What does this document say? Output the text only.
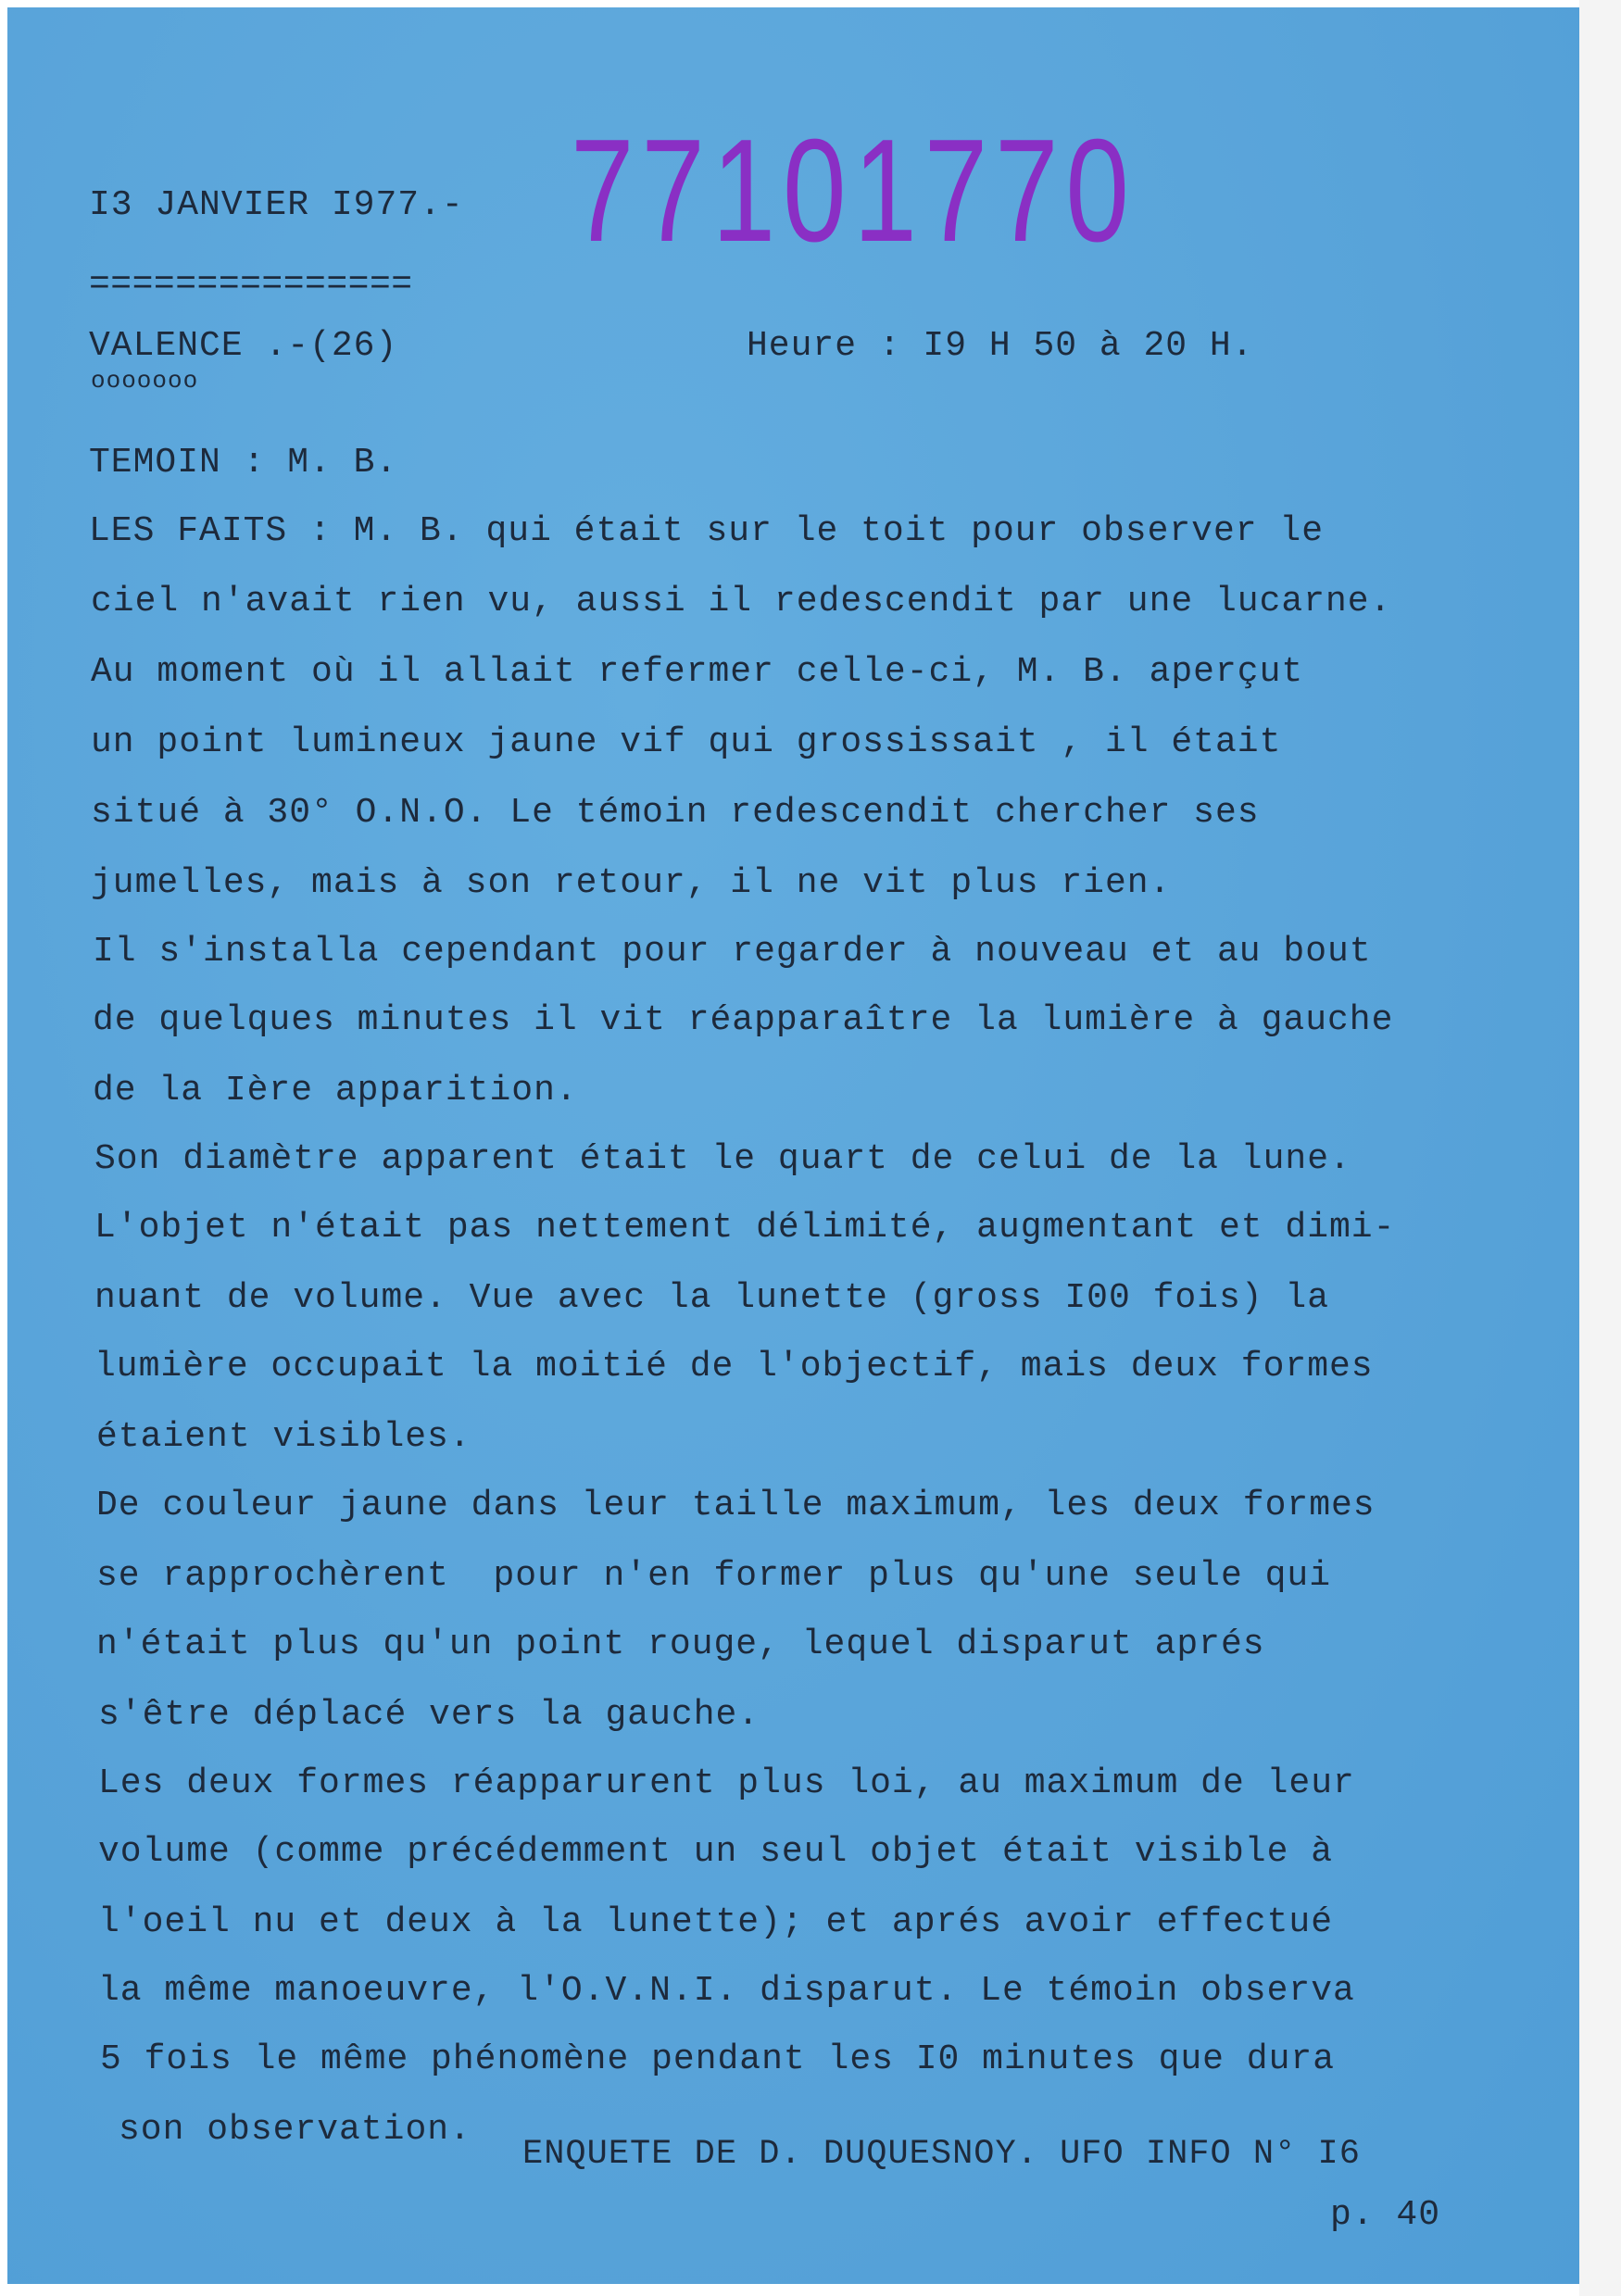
I3 JANVIER I977.- 77101770
===============
VALENCE .-(26)	Heure : I9 H 50 à 20 H.
ooooooo
TEMOIN : M. B.
LES FAITS : M. B. qui était sur le toit pour observer le
ciel n'avait rien vu, aussi il redescendit par une lucarne.
Au moment où il allait refermer celle-ci, M. B. aperçut
un point lumineux jaune vif qui grossissait , il était
situé à 30° O.N.O. Le témoin redescendit chercher ses
jumelles, mais à son retour, il ne vit plus rien.
Il s'installa cependant pour regarder à nouveau et au bout
de quelques minutes il vit réapparaître la lumière à gauche
de la Ière apparition.
Son diamètre apparent était le quart de celui de la lune.
L'objet n'était pas nettement délimité, augmentant et dimi-
nuant de volume. Vue avec la lunette (gross I00 fois) la
lumière occupait la moitié de l'objectif, mais deux formes
étaient visibles.
De couleur jaune dans leur taille maximum, les deux formes
se rapprochèrent  pour n'en former plus qu'une seule qui
n'était plus qu'un point rouge, lequel disparut aprés
s'être déplacé vers la gauche.
Les deux formes réapparurent plus loi, au maximum de leur
volume (comme précédemment un seul objet était visible à
l'oeil nu et deux à la lunette); et aprés avoir effectué
la même manoeuvre, l'O.V.N.I. disparut. Le témoin observa
5 fois le même phénomène pendant les I0 minutes que dura
son observation.
ENQUETE DE D. DUQUESNOY. UFO INFO N° I6
p. 40
